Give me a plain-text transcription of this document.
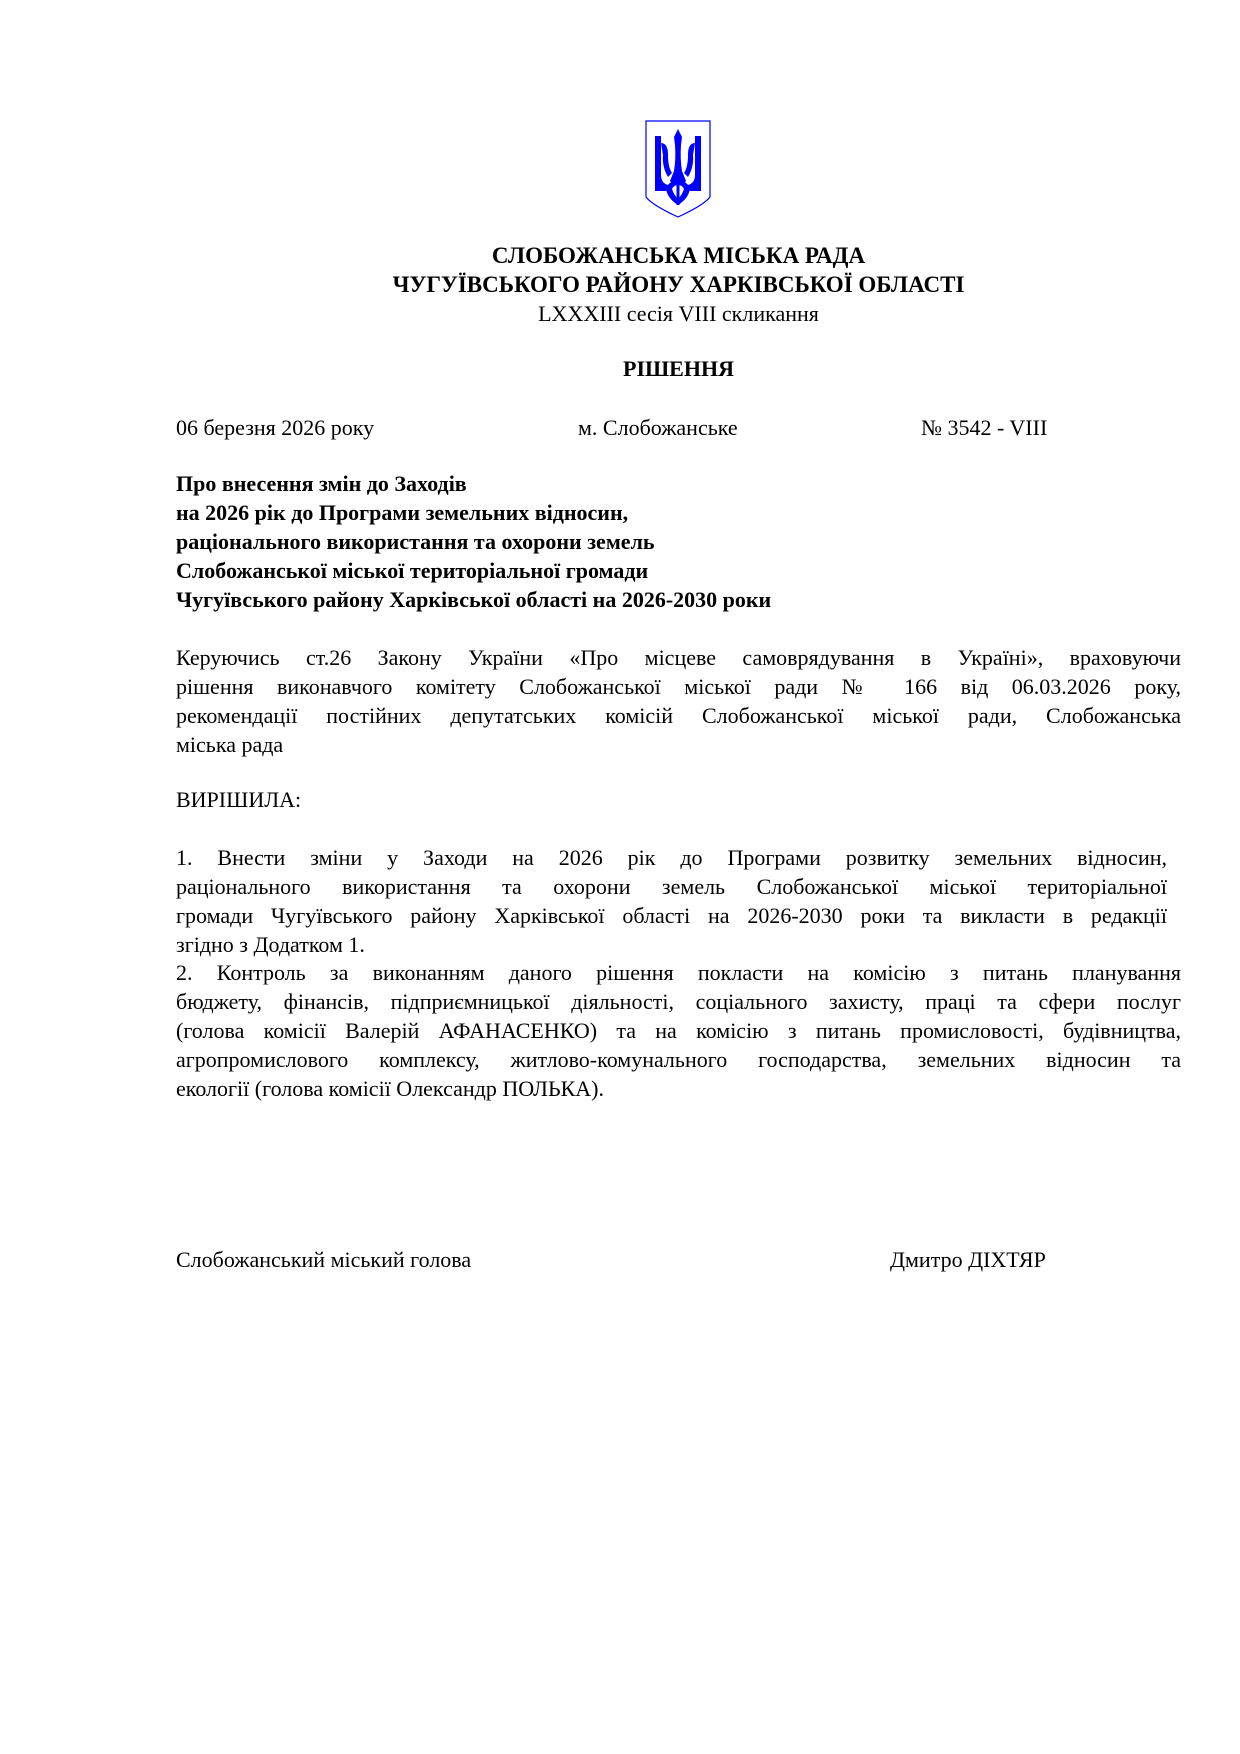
СЛОБОЖАНСЬКА МІСЬКА РАДА
ЧУГУЇВСЬКОГО РАЙОНУ ХАРКІВСЬКОЇ ОБЛАСТІ
LXXXIII сесія VIII скликання
РІШЕННЯ
06 березня 2026 року	м. Слобожанське	№ 3542 - VIII
Про внесення змін до Заходів
на 2026 рік до Програми земельних відносин,
раціонального використання та охорони земель
Слобожанської міської територіальної громади
Чугуївського району Харківської області на 2026-2030 роки
Керуючись ст.26 Закону України «Про місцеве самоврядування в Україні», враховуючи
рішення виконавчого комітету Слобожанської міської ради № 166 від 06.03.2026 року,
рекомендації постійних депутатських комісій Слобожанської міської ради, Слобожанська
міська рада
ВИРІШИЛА:
1. Внести зміни у Заходи на 2026 рік до Програми розвитку земельних відносин,
раціонального використання та охорони земель Слобожанської міської територіальної
громади Чугуївського району Харківської області на 2026-2030 роки та викласти в редакції
згідно з Додатком 1.
2. Контроль за виконанням даного рішення покласти на комісію з питань планування
бюджету, фінансів, підприємницької діяльності, соціального захисту, праці та сфери послуг
(голова комісії Валерій АФАНАСЕНКО) та на комісію з питань промисловості, будівництва,
агропромислового комплексу, житлово-комунального господарства, земельних відносин та
екології (голова комісії Олександр ПОЛЬКА).
Слобожанський міський голова	Дмитро ДІХТЯР
